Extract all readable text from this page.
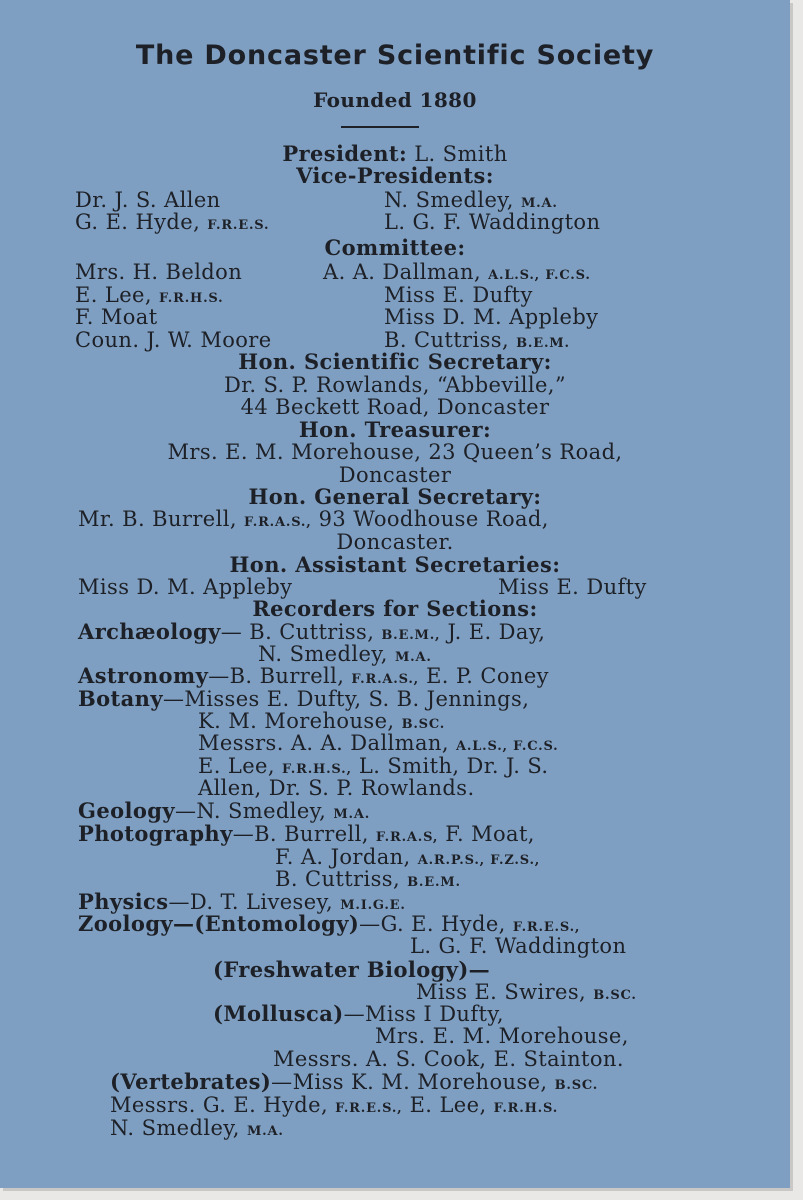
The Doncaster Scientific Society
Founded 1880
President: L. Smith
Vice-Presidents:
Dr. J. S. Allen	N. Smedley, M.A.
G. E. Hyde, F.R.E.S.	L. G. F. Waddington
Committee:
Mrs. H. Beldon	A. A. Dallman, A.L.S., F.C.S.
E. Lee, F.R.H.S.	Miss E. Dufty
F. Moat	Miss D. M. Appleby
Coun. J. W. Moore	B. Cuttriss, B.E.M.
Hon. Scientific Secretary:
Dr. S. P. Rowlands, “Abbeville,”
44 Beckett Road, Doncaster
Hon. Treasurer:
Mrs. E. M. Morehouse, 23 Queen’s Road,
Doncaster
Hon. General Secretary:
Mr. B. Burrell, F.R.A.S., 93 Woodhouse Road,
Doncaster.
Hon. Assistant Secretaries:
Miss D. M. Appleby	Miss E. Dufty
Recorders for Sections:
Archæology— B. Cuttriss, B.E.M., J. E. Day,
N. Smedley, M.A.
Astronomy—B. Burrell, F.R.A.S., E. P. Coney
Botany—Misses E. Dufty, S. B. Jennings,
K. M. Morehouse, B.SC.
Messrs. A. A. Dallman, A.L.S., F.C.S.
E. Lee, F.R.H.S., L. Smith, Dr. J. S.
Allen, Dr. S. P. Rowlands.
Geology—N. Smedley, M.A.
Photography—B. Burrell, F.R.A.S, F. Moat,
F. A. Jordan, A.R.P.S., F.Z.S.,
B. Cuttriss, B.E.M.
Physics—D. T. Livesey, M.I.G.E.
Zoology—(Entomology)—G. E. Hyde, F.R.E.S.,
L. G. F. Waddington
(Freshwater Biology)—
Miss E. Swires, B.SC.
(Mollusca)—Miss I Dufty,
Mrs. E. M. Morehouse,
Messrs. A. S. Cook, E. Stainton.
(Vertebrates)—Miss K. M. Morehouse, B.SC.
Messrs. G. E. Hyde, F.R.E.S., E. Lee, F.R.H.S.
N. Smedley, M.A.
